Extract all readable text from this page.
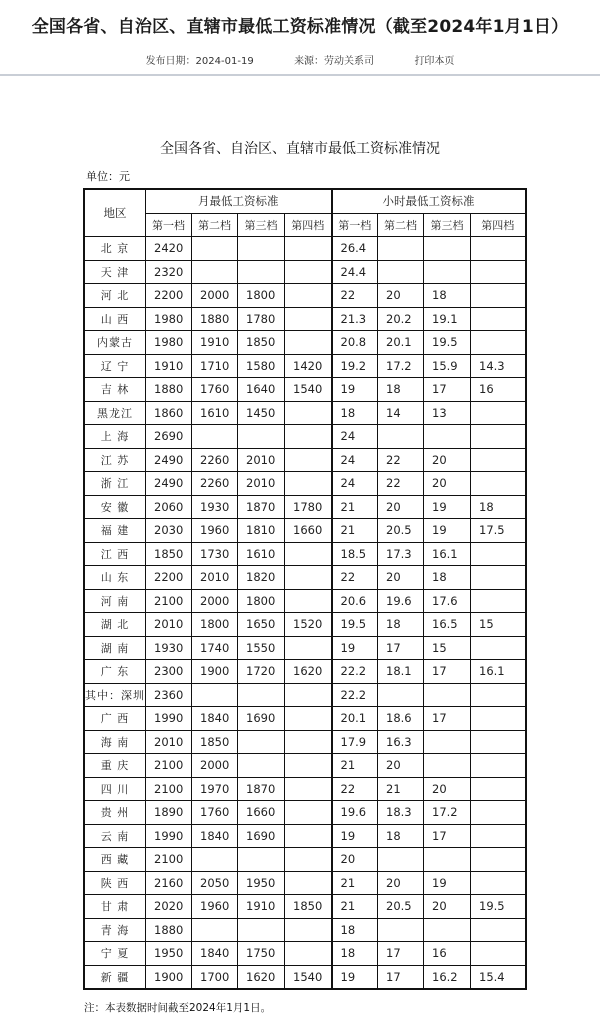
全国各省、自治区、直辖市最低工资标准情况（截至2024年1月1日）
发布日期：2024-01-19	来源：劳动关系司	打印本页
全国各省、自治区、直辖市最低工资标准情况
单位：元
地区	月最低工资标准				小时最低工资标准			
	第一档	第二档	第三档	第四档	第一档	第二档	第三档	第四档
北 京	2420				26.4			
天 津	2320				24.4			
河 北	2200	2000	1800		22	20	18	
山 西	1980	1880	1780		21.3	20.2	19.1	
内蒙古	1980	1910	1850		20.8	20.1	19.5	
辽 宁	1910	1710	1580	1420	19.2	17.2	15.9	14.3
吉 林	1880	1760	1640	1540	19	18	17	16
黑龙江	1860	1610	1450		18	14	13	
上 海	2690				24			
江 苏	2490	2260	2010		24	22	20	
浙 江	2490	2260	2010		24	22	20	
安 徽	2060	1930	1870	1780	21	20	19	18
福 建	2030	1960	1810	1660	21	20.5	19	17.5
江 西	1850	1730	1610		18.5	17.3	16.1	
山 东	2200	2010	1820		22	20	18	
河 南	2100	2000	1800		20.6	19.6	17.6	
湖 北	2010	1800	1650	1520	19.5	18	16.5	15
湖 南	1930	1740	1550		19	17	15	
广 东	2300	1900	1720	1620	22.2	18.1	17	16.1
其中：深圳	2360				22.2			
广 西	1990	1840	1690		20.1	18.6	17	
海 南	2010	1850			17.9	16.3		
重 庆	2100	2000			21	20		
四 川	2100	1970	1870		22	21	20	
贵 州	1890	1760	1660		19.6	18.3	17.2	
云 南	1990	1840	1690		19	18	17	
西 藏	2100				20			
陕 西	2160	2050	1950		21	20	19	
甘 肃	2020	1960	1910	1850	21	20.5	20	19.5
青 海	1880				18			
宁 夏	1950	1840	1750		18	17	16	
新 疆	1900	1700	1620	1540	19	17	16.2	15.4
注：本表数据时间截至2024年1月1日。
